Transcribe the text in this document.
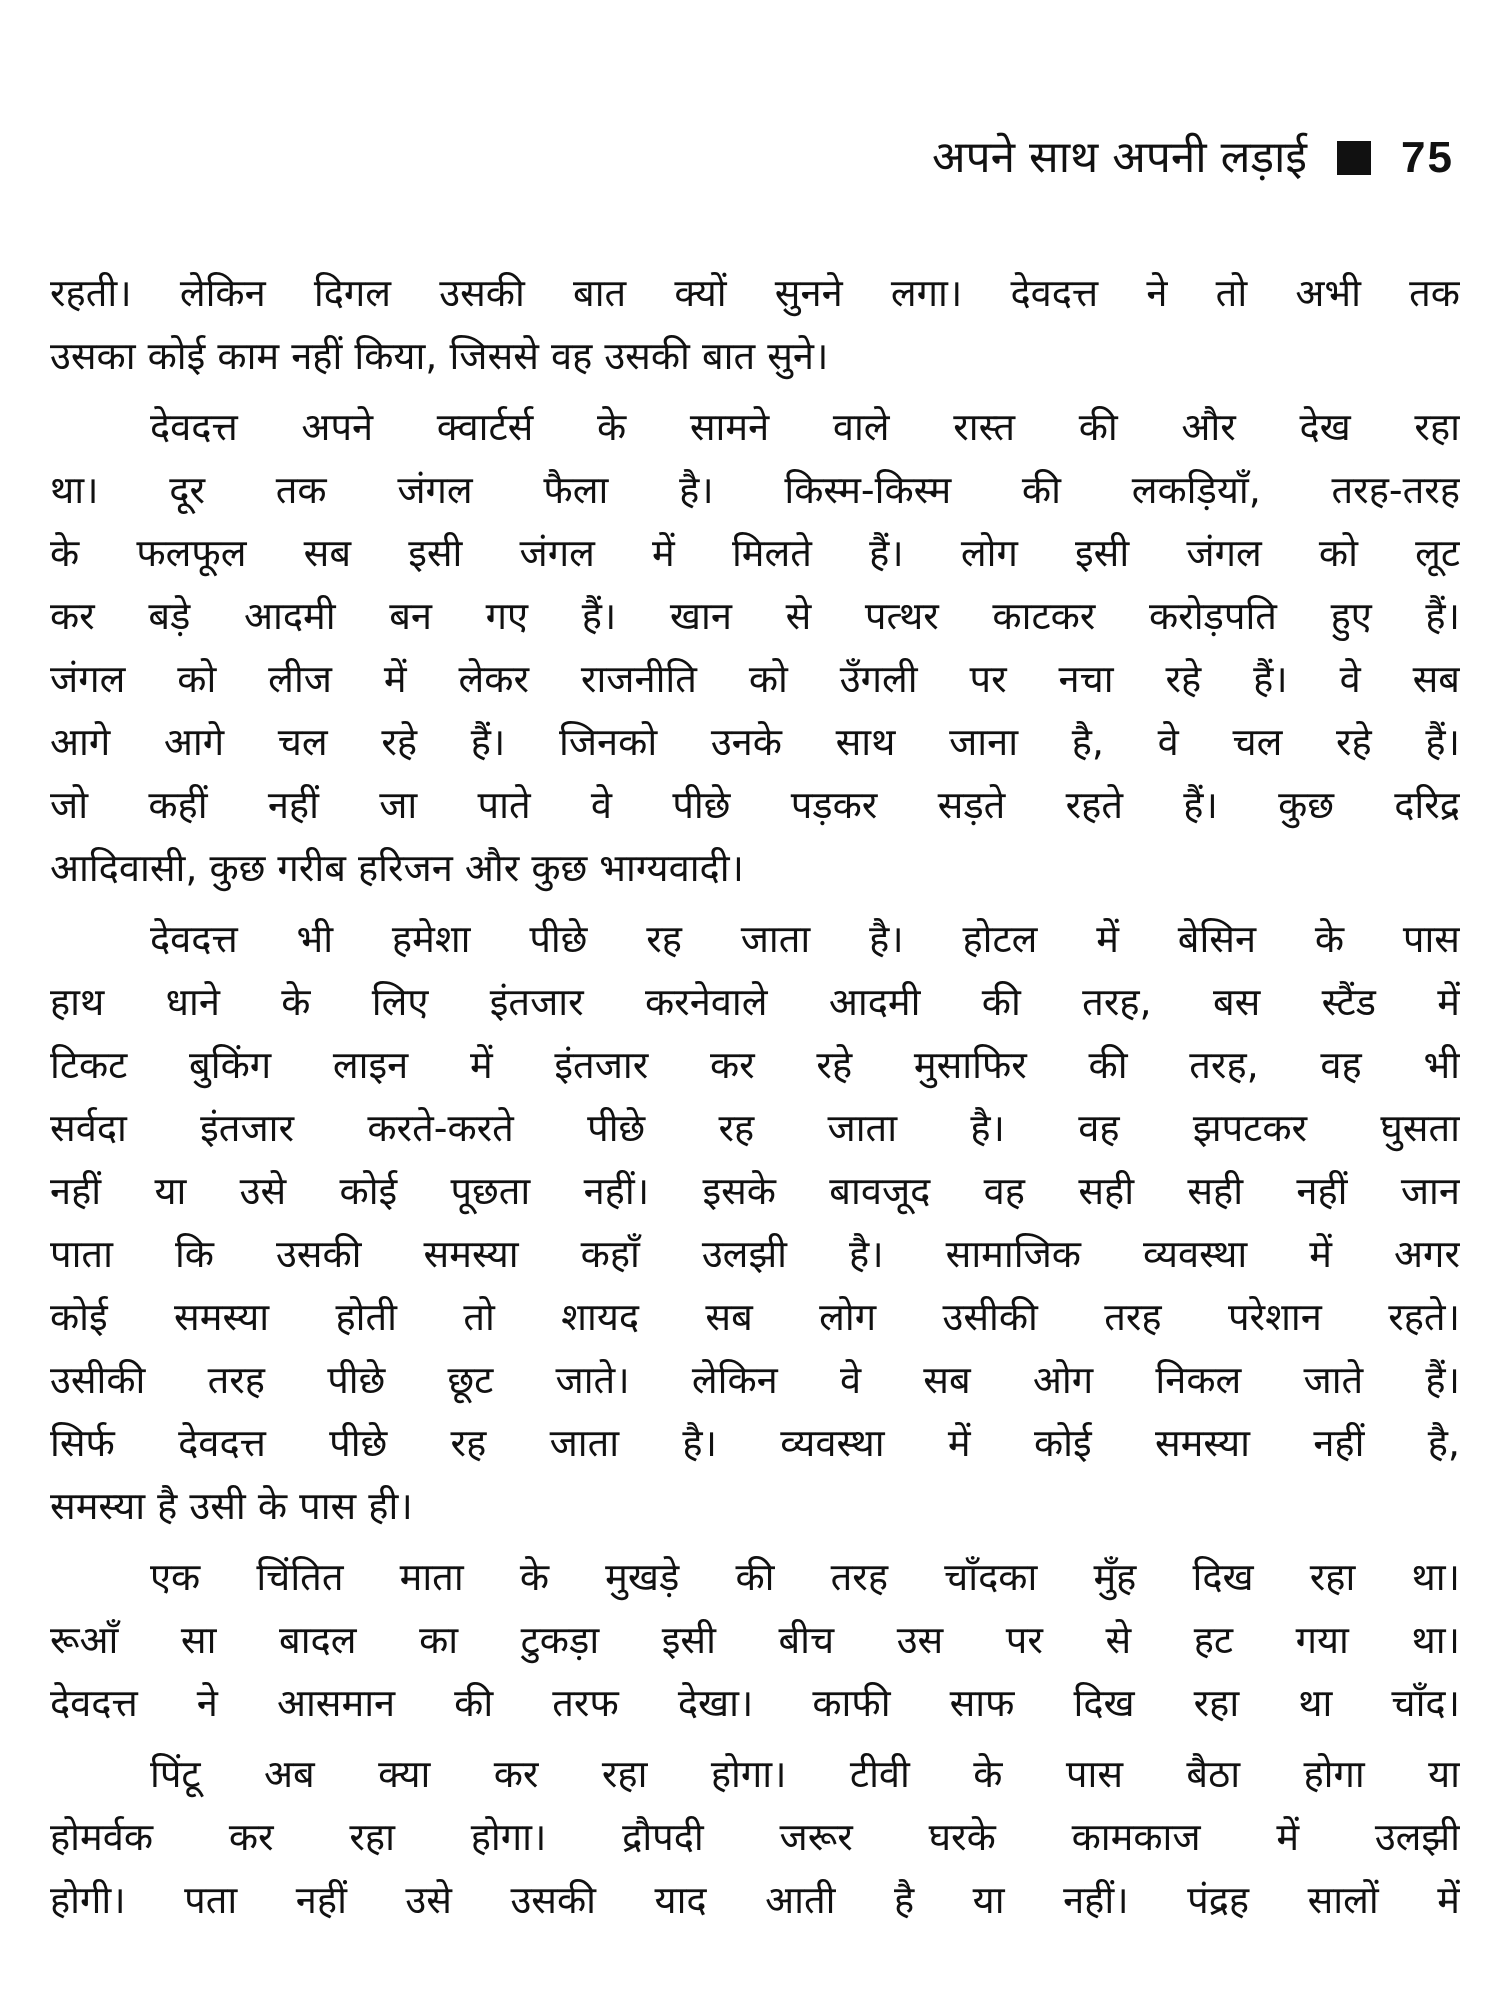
अपने साथ अपनी लड़ाई 75

रहती। लेकिन दिगल उसकी बात क्यों सुनने लगा। देवदत्त ने तो अभी तक
उसका कोई काम नहीं किया, जिससे वह उसकी बात सुने।

देवदत्त अपने क्वार्टर्स के सामने वाले रास्त की और देख रहा
था। दूर तक जंगल फैला है। किस्म-किस्म की लकड़ियाँ, तरह-तरह
के फलफूल सब इसी जंगल में मिलते हैं। लोग इसी जंगल को लूट
कर बड़े आदमी बन गए हैं। खान से पत्थर काटकर करोड़पति हुए हैं।
जंगल को लीज में लेकर राजनीति को उँगली पर नचा रहे हैं। वे सब
आगे आगे चल रहे हैं। जिनको उनके साथ जाना है, वे चल रहे हैं।
जो कहीं नहीं जा पाते वे पीछे पड़कर सड़ते रहते हैं। कुछ दरिद्र
आदिवासी, कुछ गरीब हरिजन और कुछ भाग्यवादी।

देवदत्त भी हमेशा पीछे रह जाता है। होटल में बेसिन के पास
हाथ धाने के लिए इंतजार करनेवाले आदमी की तरह, बस स्टैंड में
टिकट बुकिंग लाइन में इंतजार कर रहे मुसाफिर की तरह, वह भी
सर्वदा इंतजार करते-करते पीछे रह जाता है। वह झपटकर घुसता
नहीं या उसे कोई पूछता नहीं। इसके बावजूद वह सही सही नहीं जान
पाता कि उसकी समस्या कहाँ उलझी है। सामाजिक व्यवस्था में अगर
कोई समस्या होती तो शायद सब लोग उसीकी तरह परेशान रहते।
उसीकी तरह पीछे छूट जाते। लेकिन वे सब ओग निकल जाते हैं।
सिर्फ देवदत्त पीछे रह जाता है। व्यवस्था में कोई समस्या नहीं है,
समस्या है उसी के पास ही।

एक चिंतित माता के मुखड़े की तरह चाँदका मुँह दिख रहा था।
रूआँ सा बादल का टुकड़ा इसी बीच उस पर से हट गया था।
देवदत्त ने आसमान की तरफ देखा। काफी साफ दिख रहा था चाँद।

पिंटू अब क्या कर रहा होगा। टीवी के पास बैठा होगा या
होमर्वक कर रहा होगा। द्रौपदी जरूर घरके कामकाज में उलझी
होगी। पता नहीं उसे उसकी याद आती है या नहीं। पंद्रह सालों में
